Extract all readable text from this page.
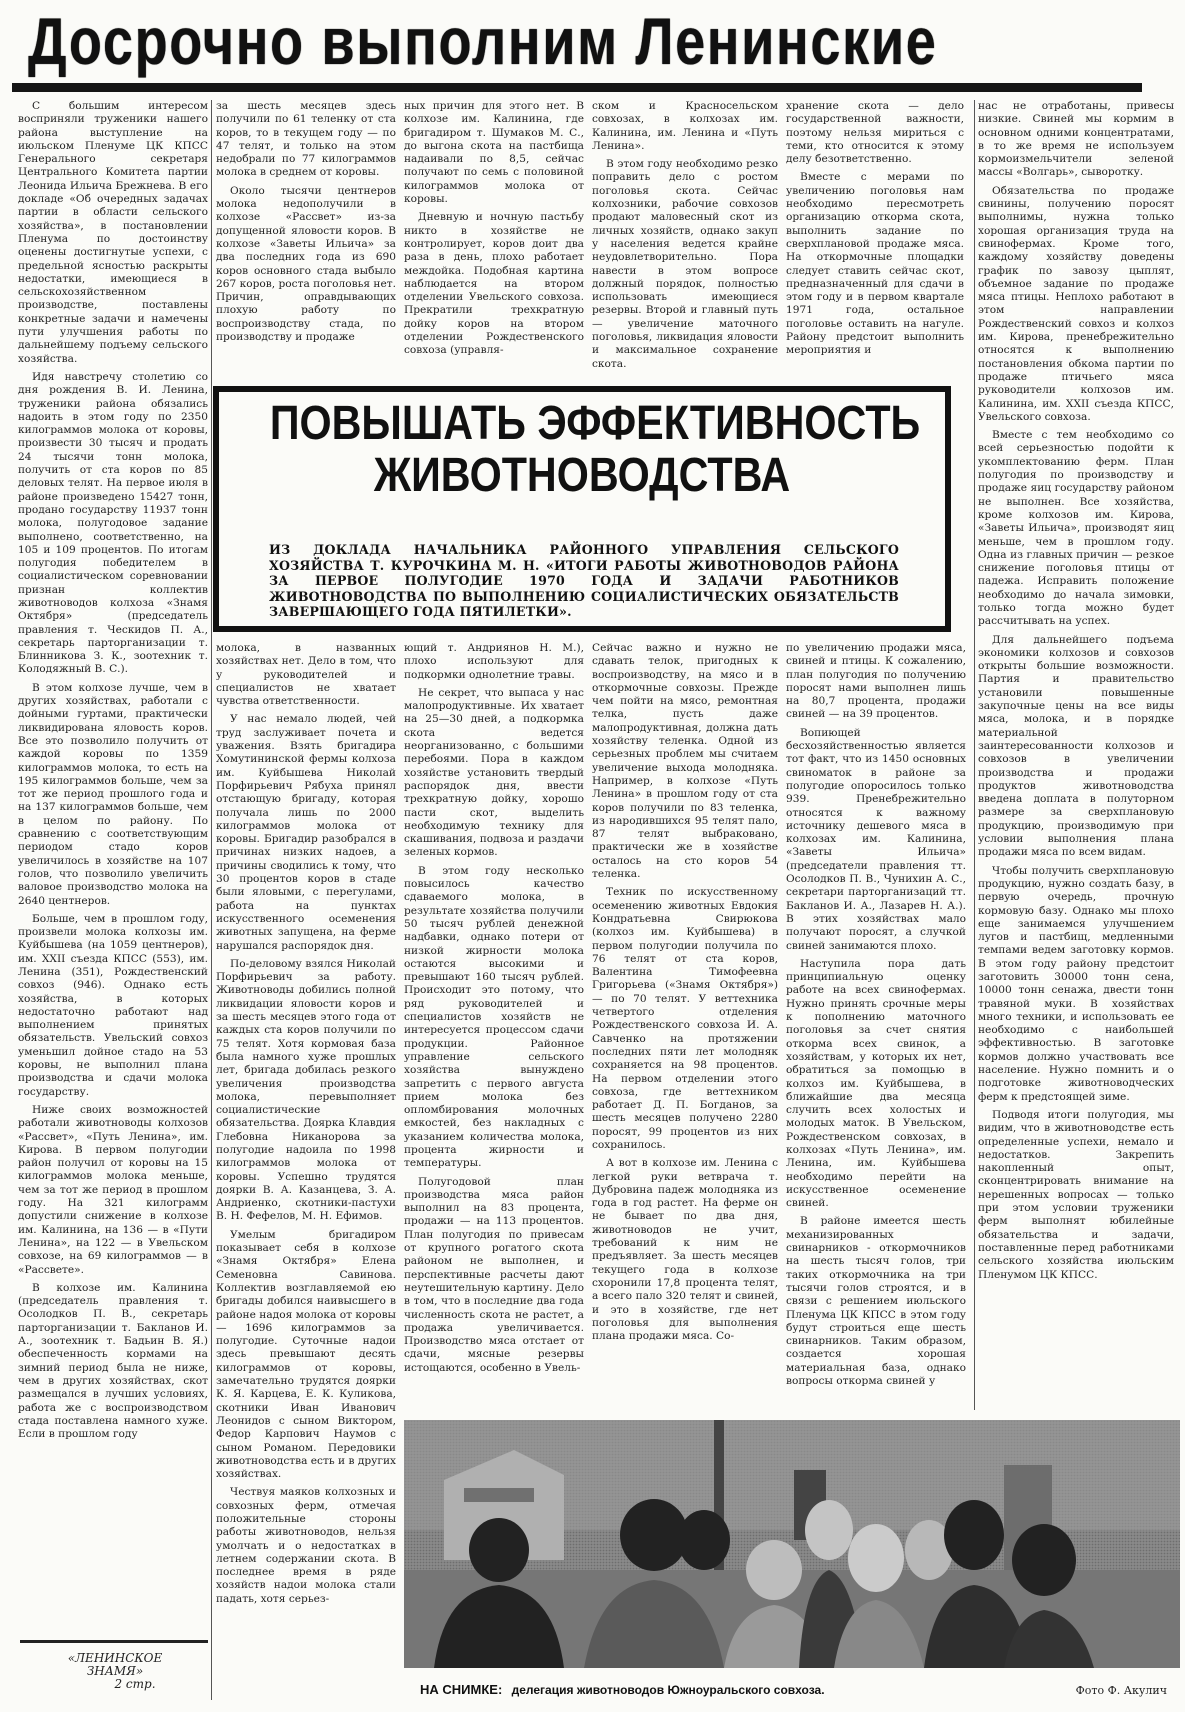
Досрочно выполним Ленинские

С большим интересом восприняли труженики нашего района выступление на июльском Пленуме ЦК КПСС Генерального секретаря Центрального Комитета партии Леонида Ильича Брежнева. В его докладе «Об очередных задачах партии в области сельского хозяйства», в постановлении Пленума по достоинству оценены достигнутые успехи, с предельной ясностью раскрыты недостатки, имеющиеся в сельскохозяйственном производстве, поставлены конкретные задачи и намечены пути улучшения работы по дальнейшему подъему сельского хозяйства.

Идя навстречу столетию со дня рождения В. И. Ленина, труженики района обязались надоить в этом году по 2350 килограммов молока от коровы, произвести 30 тысяч и продать 24 тысячи тонн молока, получить от ста коров по 85 деловых телят. На первое июля в районе произведено 15427 тонн, продано государству 11937 тонн молока, полугодовое задание выполнено, соответственно, на 105 и 109 процентов. По итогам полугодия победителем в социалистическом соревновании признан коллектив животноводов колхоза «Знамя Октября» (председатель правления т. Ческидов П. А., секретарь парторганизации т. Блинникова З. К., зоотехник т. Колодяжный В. С.).

В этом колхозе лучше, чем в других хозяйствах, работали с дойными гуртами, практически ликвидирована яловость коров. Все это позволило получить от каждой коровы по 1359 килограммов молока, то есть на 195 килограммов больше, чем за тот же период прошлого года и на 137 килограммов больше, чем в целом по району. По сравнению с соответствующим периодом стадо коров увеличилось в хозяйстве на 107 голов, что позволило увеличить валовое производство молока на 2640 центнеров.

Больше, чем в прошлом году, произвели молока колхозы им. Куйбышева (на 1059 центнеров), им. XXII съезда КПСС (553), им. Ленина (351), Рождественский совхоз (946). Однако есть хозяйства, в которых недостаточно работают над выполнением принятых обязательств. Увельский совхоз уменьшил дойное стадо на 53 коровы, не выполнил плана производства и сдачи молока государству.

Ниже своих возможностей работали животноводы колхозов «Рассвет», «Путь Ленина», им. Кирова. В первом полугодии район получил от коровы на 15 килограммов молока меньше, чем за тот же период в прошлом году. На 321 килограмм допустили снижение в колхозе им. Калинина, на 136 — в «Пути Ленина», на 122 — в Увельском совхозе, на 69 килограммов — в «Рассвете».

В колхозе им. Калинина (председатель правления т. Осолодков П. В., секретарь парторганизации т. Бакланов И. А., зоотехник т. Бадьин В. Я.) обеспеченность кормами на зимний период была не ниже, чем в других хозяйствах, скот размещался в лучших условиях, работа же с воспроизводством стада поставлена намного хуже. Если в прошлом году

за шесть месяцев здесь получили по 61 теленку от ста коров, то в текущем году — по 47 телят, и только на этом недобрали по 77 килограммов молока в среднем от коровы.

Около тысячи центнеров молока недополучили в колхозе «Рассвет» из-за допущенной яловости коров. В колхозе «Заветы Ильича» за два последних года из 690 коров основного стада выбыло 267 коров, роста поголовья нет. Причин, оправдывающих плохую работу по воспроизводству стада, по производству и продаже

ных причин для этого нет. В колхозе им. Калинина, где бригадиром т. Шумаков М. С., до выгона скота на пастбища надаивали по 8,5, сейчас получают по семь с половиной килограммов молока от коровы.

Дневную и ночную пастьбу никто в хозяйстве не контролирует, коров доит два раза в день, плохо работает междойка. Подобная картина наблюдается на втором отделении Увельского совхоза. Прекратили трехкратную дойку коров на втором отделении Рождественского совхоза (управля-

ском и Красносельском совхозах, в колхозах им. Калинина, им. Ленина и «Путь Ленина».

В этом году необходимо резко поправить дело с ростом поголовья скота. Сейчас колхозники, рабочие совхозов продают маловесный скот из личных хозяйств, однако закуп у населения ведется крайне неудовлетворительно. Пора навести в этом вопросе должный порядок, полностью использовать имеющиеся резервы. Второй и главный путь — увеличение маточного поголовья, ликвидация яловости и максимальное сохранение скота.

хранение скота — дело государственной важности, поэтому нельзя мириться с теми, кто относится к этому делу безответственно.

Вместе с мерами по увеличению поголовья нам необходимо пересмотреть организацию откорма скота, выполнить задание по сверхплановой продаже мяса. На откормочные площадки следует ставить сейчас скот, предназначенный для сдачи в этом году и в первом квартале 1971 года, остальное поголовье оставить на нагуле. Району предстоит выполнить мероприятия и

нас не отработаны, привесы низкие. Свиней мы кормим в основном одними концентратами, в то же время не используем кормоизмельчители зеленой массы «Волгарь», сыворотку.

Обязательства по продаже свинины, получению поросят выполнимы, нужна только хорошая организация труда на свинофермах. Кроме того, каждому хозяйству доведены график по завозу цыплят, объемное задание по продаже мяса птицы. Неплохо работают в этом направлении Рождественский совхоз и колхоз им. Кирова, пренебрежительно относятся к выполнению постановления обкома партии по продаже птичьего мяса руководители колхозов им. Калинина, им. XXII съезда КПСС, Увельского совхоза.

Вместе с тем необходимо со всей серьезностью подойти к укомплектованию ферм. План полугодия по производству и продаже яиц государству районом не выполнен. Все хозяйства, кроме колхозов им. Кирова, «Заветы Ильича», производят яиц меньше, чем в прошлом году. Одна из главных причин — резкое снижение поголовья птицы от падежа. Исправить положение необходимо до начала зимовки, только тогда можно будет рассчитывать на успех.

Для дальнейшего подъема экономики колхозов и совхозов открыты большие возможности. Партия и правительство установили повышенные закупочные цены на все виды мяса, молока, и в порядке материальной заинтересованности колхозов и совхозов в увеличении производства и продажи продуктов животноводства введена доплата в полуторном размере за сверхплановую продукцию, производимую при условии выполнения плана продажи мяса по всем видам.

Чтобы получить сверхплановую продукцию, нужно создать базу, в первую очередь, прочную кормовую базу. Однако мы плохо еще занимаемся улучшением лугов и пастбищ, медленными темпами ведем заготовку кормов. В этом году району предстоит заготовить 30000 тонн сена, 10000 тонн сенажа, двести тонн травяной муки. В хозяйствах много техники, и использовать ее необходимо с наибольшей эффективностью. В заготовке кормов должно участвовать все население. Нужно помнить и о подготовке животноводческих ферм к предстоящей зиме.

Подводя итоги полугодия, мы видим, что в животноводстве есть определенные успехи, немало и недостатков. Закрепить накопленный опыт, сконцентрировать внимание на нерешенных вопросах — только при этом условии труженики ферм выполнят юбилейные обязательства и задачи, поставленные перед работниками сельского хозяйства июльским Пленумом ЦК КПСС.

ПОВЫШАТЬ ЭФФЕКТИВНОСТЬ
ЖИВОТНОВОДСТВА
ИЗ ДОКЛАДА НАЧАЛЬНИКА РАЙОННОГО УПРАВЛЕНИЯ СЕЛЬСКОГО ХОЗЯЙСТВА Т. КУРОЧКИНА М. Н. «ИТОГИ РАБОТЫ ЖИВОТНОВОДОВ РАЙОНА ЗА ПЕРВОЕ ПОЛУГОДИЕ 1970 ГОДА И ЗАДАЧИ РАБОТНИКОВ ЖИВОТНОВОДСТВА ПО ВЫПОЛНЕНИЮ СОЦИАЛИСТИЧЕСКИХ ОБЯЗАТЕЛЬСТВ ЗАВЕРШАЮЩЕГО ГОДА ПЯТИЛЕТКИ».

молока, в названных хозяйствах нет. Дело в том, что у руководителей и специалистов не хватает чувства ответственности.

У нас немало людей, чей труд заслуживает почета и уважения. Взять бригадира Хомутининской фермы колхоза им. Куйбышева Николай Порфирьевич Рябуха принял отстающую бригаду, которая получала лишь по 2000 килограммов молока от коровы. Бригадир разобрался в причинах низких надоев, а причины сводились к тому, что 30 процентов коров в стаде были яловыми, с перегулами, работа на пунктах искусственного осеменения животных запущена, на ферме нарушался распорядок дня.

По-деловому взялся Николай Порфирьевич за работу. Животноводы добились полной ликвидации яловости коров и за шесть месяцев этого года от каждых ста коров получили по 75 телят. Хотя кормовая база была намного хуже прошлых лет, бригада добилась резкого увеличения производства молока, перевыполняет социалистические обязательства. Доярка Клавдия Глебовна Никанорова за полугодие надоила по 1998 килограммов молока от коровы. Успешно трудятся доярки В. А. Казанцева, З. А. Андриенко, скотники-пастухи В. Н. Фефелов, М. Н. Ефимов.

Умелым бригадиром показывает себя в колхозе «Знамя Октября» Елена Семеновна Савинова. Коллектив возглавляемой ею бригады добился наивысшего в районе надоя молока от коровы — 1696 килограммов за полугодие. Суточные надои здесь превышают десять килограммов от коровы, замечательно трудятся доярки К. Я. Карцева, Е. К. Куликова, скотники Иван Иванович Леонидов с сыном Виктором, Федор Карпович Наумов с сыном Романом. Передовики животноводства есть и в других хозяйствах.

Чествуя маяков колхозных и совхозных ферм, отмечая положительные стороны работы животноводов, нельзя умолчать и о недостатках в летнем содержании скота. В последнее время в ряде хозяйств надои молока стали падать, хотя серьез-

ющий т. Андриянов Н. М.), плохо используют для подкормки однолетние травы.

Не секрет, что выпаса у нас малопродуктивные. Их хватает на 25—30 дней, а подкормка скота ведется неорганизованно, с большими перебоями. Пора в каждом хозяйстве установить твердый распорядок дня, ввести трехкратную дойку, хорошо пасти скот, выделить необходимую технику для скашивания, подвоза и раздачи зеленых кормов.

В этом году несколько повысилось качество сдаваемого молока, в результате хозяйства получили 50 тысяч рублей денежной надбавки, однако потери от низкой жирности молока остаются высокими и превышают 160 тысяч рублей. Происходит это потому, что ряд руководителей и специалистов хозяйств не интересуется процессом сдачи продукции. Районное управление сельского хозяйства вынуждено запретить с первого августа прием молока без опломбирования молочных емкостей, без накладных с указанием количества молока, процента жирности и температуры.

Полугодовой план производства мяса район выполнил на 83 процента, продажи — на 113 процентов. План полугодия по привесам от крупного рогатого скота районом не выполнен, и перспективные расчеты дают неутешительную картину. Дело в том, что в последние два года численность скота не растет, а продажа увеличивается. Производство мяса отстает от сдачи, мясные резервы истощаются, особенно в Увель-

Сейчас важно и нужно не сдавать телок, пригодных к воспроизводству, на мясо и в откормочные совхозы. Прежде чем пойти на мясо, ремонтная телка, пусть даже малопродуктивная, должна дать хозяйству теленка. Одной из серьезных проблем мы считаем увеличение выхода молодняка. Например, в колхозе «Путь Ленина» в прошлом году от ста коров получили по 83 теленка, из народившихся 95 телят пало, 87 телят выбраковано, практически же в хозяйстве осталось на сто коров 54 теленка.

Техник по искусственному осеменению животных Евдокия Кондратьевна Свирюкова (колхоз им. Куйбышева) в первом полугодии получила по 76 телят от ста коров, Валентина Тимофеевна Григорьева («Знамя Октября») — по 70 телят. У веттехника четвертого отделения Рождественского совхоза И. А. Савченко на протяжении последних пяти лет молодняк сохраняется на 98 процентов. На первом отделении этого совхоза, где веттехником работает Д. П. Богданов, за шесть месяцев получено 2280 поросят, 99 процентов из них сохранилось.

А вот в колхозе им. Ленина с легкой руки ветврача т. Дубровина падеж молодняка из года в год растет. На ферме он не бывает по два дня, животноводов не учит, требований к ним не предъявляет. За шесть месяцев текущего года в колхозе схоронили 17,8 процента телят, а всего пало 320 телят и свиней, и это в хозяйстве, где нет поголовья для выполнения плана продажи мяса. Со-

по увеличению продажи мяса, свиней и птицы. К сожалению, план полугодия по получению поросят нами выполнен лишь на 80,7 процента, продажи свиней — на 39 процентов.

Вопиющей бесхозяйственностью является тот факт, что из 1450 основных свиноматок в районе за полугодие опоросилось только 939. Пренебрежительно относятся к важному источнику дешевого мяса в колхозах им. Калинина, «Заветы Ильича» (председатели правления тт. Осолодков П. В., Чунихин А. С., секретари парторганизаций тт. Бакланов И. А., Лазарев Н. А.). В этих хозяйствах мало получают поросят, а случкой свиней занимаются плохо.

Наступила пора дать принципиальную оценку работе на всех свинофермах. Нужно принять срочные меры к пополнению маточного поголовья за счет снятия откорма всех свинок, а хозяйствам, у которых их нет, обратиться за помощью в колхоз им. Куйбышева, в ближайшие два месяца случить всех холостых и молодых маток. В Увельском, Рождественском совхозах, в колхозах «Путь Ленина», им. Ленина, им. Куйбышева необходимо перейти на искусственное осеменение свиней.

В районе имеется шесть механизированных свинарников - откормочников на шесть тысяч голов, три таких откормочника на три тысячи голов строятся, и в связи с решением июльского Пленума ЦК КПСС в этом году будут строиться еще шесть свинарников. Таким образом, создается хорошая материальная база, однако вопросы откорма свиней у

НА СНИМКЕ: делегация животноводов Южноуральского совхоза.	Фото Ф. Акулич
«ЛЕНИНСКОЕ
ЗНАМЯ»
2 стр.
